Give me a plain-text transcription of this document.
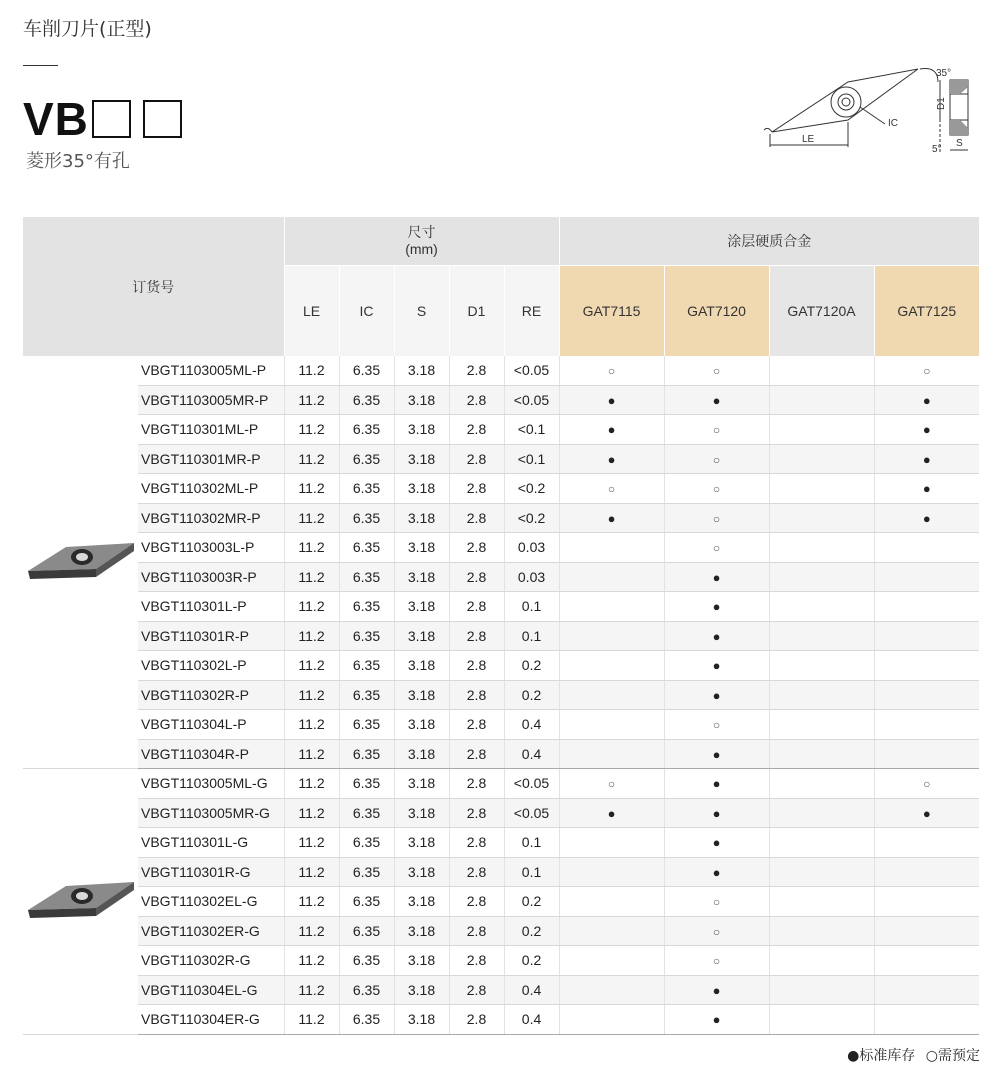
车削刀片(正型)
VB
菱形35°有孔
LE
IC
35°
D1
S
5°
订货号		尺寸
(mm)					涂层硬质合金			
		LE	IC	S	D1	RE	GAT7115	GAT7120	GAT7120A	GAT7125
	VBGT1103005ML-P	11.2	6.35	3.18	2.8	<0.05	○	○		○
	VBGT1103005MR-P	11.2	6.35	3.18	2.8	<0.05	●	●		●
	VBGT110301ML-P	11.2	6.35	3.18	2.8	<0.1	●	○		●
	VBGT110301MR-P	11.2	6.35	3.18	2.8	<0.1	●	○		●
	VBGT110302ML-P	11.2	6.35	3.18	2.8	<0.2	○	○		●
	VBGT110302MR-P	11.2	6.35	3.18	2.8	<0.2	●	○		●
	VBGT1103003L-P	11.2	6.35	3.18	2.8	0.03		○		
	VBGT1103003R-P	11.2	6.35	3.18	2.8	0.03		●		
	VBGT110301L-P	11.2	6.35	3.18	2.8	0.1		●		
	VBGT110301R-P	11.2	6.35	3.18	2.8	0.1		●		
	VBGT110302L-P	11.2	6.35	3.18	2.8	0.2		●		
	VBGT110302R-P	11.2	6.35	3.18	2.8	0.2		●		
	VBGT110304L-P	11.2	6.35	3.18	2.8	0.4		○		
	VBGT110304R-P	11.2	6.35	3.18	2.8	0.4		●		
	VBGT1103005ML-G	11.2	6.35	3.18	2.8	<0.05	○	●		○
	VBGT1103005MR-G	11.2	6.35	3.18	2.8	<0.05	●	●		●
	VBGT110301L-G	11.2	6.35	3.18	2.8	0.1		●		
	VBGT110301R-G	11.2	6.35	3.18	2.8	0.1		●		
	VBGT110302EL-G	11.2	6.35	3.18	2.8	0.2		○		
	VBGT110302ER-G	11.2	6.35	3.18	2.8	0.2		○		
	VBGT110302R-G	11.2	6.35	3.18	2.8	0.2		○		
	VBGT110304EL-G	11.2	6.35	3.18	2.8	0.4		●		
	VBGT110304ER-G	11.2	6.35	3.18	2.8	0.4		●		
●标准库存 ○需预定
